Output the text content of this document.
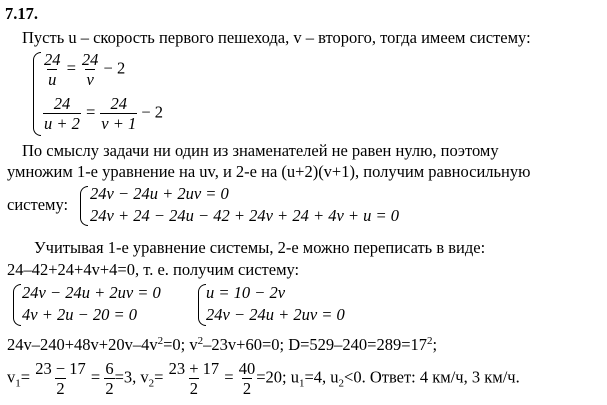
7.17.
Пусть u – скорость первого пешехода, v – второго, тогда имеем систему:
$\frac{24}{u} = \frac{24}{v} - 2$
$\frac{24}{u + 2} = \frac{24}{v + 1} - 2$
По смыслу задачи ни один из знаменателей не равен нулю, поэтому
умножим 1-е уравнение на uv, и 2-е на (u+2)(v+1), получим равносильную
систему:
24v − 24u + 2uv = 0
24v + 24 − 24u − 42 + 24v + 24 + 4v + u = 0
Учитывая 1-е уравнение системы, 2-е можно переписать в виде:
24–42+24+4v+4=0, т. е. получим систему:
24v − 24u + 2uv = 0
4v + 2u − 20 = 0
u = 10 − 2v
24v − 24u + 2uv = 0
$24v-240+48v+20v-4v^2=0$; $v^2-23v+60=0$; $D=529-240=289=17^2$;
$v_1= \frac{23 - 17}{2} = \frac{6}{2} =3$, $v_2= \frac{23 + 17}{2} = \frac{40}{2} =20$; $u_1=4$, $u_2<0$. Ответ: 4 км/ч, 3 км/ч.
